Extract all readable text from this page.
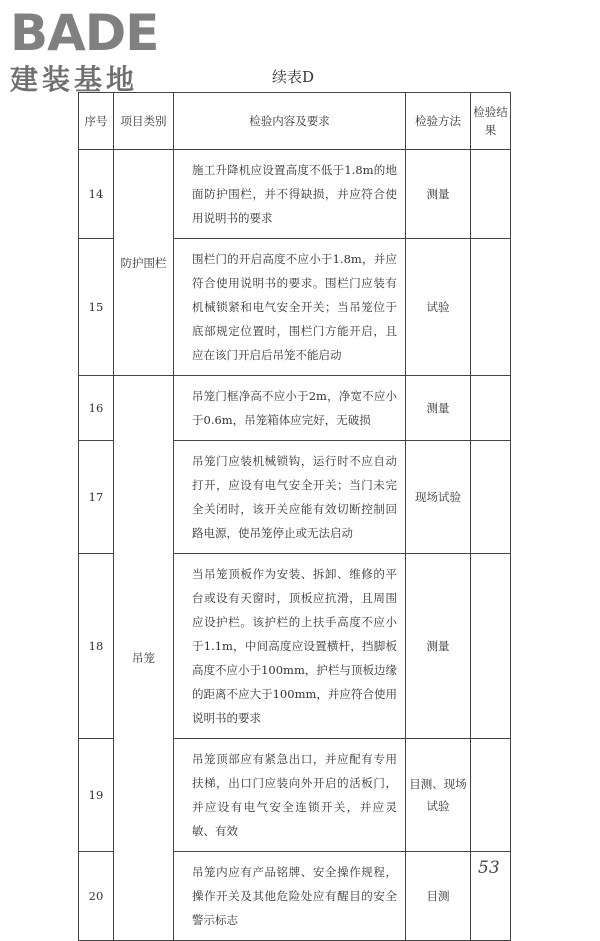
BADE
建装基地	续表D
序号	项目类别	检验内容及要求	检验方法	检验结果
14	防护围栏	施工升降机应设置高度不低于1.8m的地面防护围栏，并不得缺损，并应符合使用说明书的要求	测量	
15		围栏门的开启高度不应小于1.8m，并应符合使用说明书的要求。围栏门应装有机械锁紧和电气安全开关；当吊笼位于底部规定位置时，围栏门方能开启，且应在该门开启后吊笼不能启动	试验	
16	吊笼	吊笼门框净高不应小于2m，净宽不应小于0.6m，吊笼箱体应完好，无破损	测量	
17		吊笼门应装机械锁钩，运行时不应自动打开，应设有电气安全开关；当门未完全关闭时，该开关应能有效切断控制回路电源，使吊笼停止或无法启动	现场试验	
18		当吊笼顶板作为安装、拆卸、维修的平台或设有天窗时，顶板应抗滑，且周围应设护栏。该护栏的上扶手高度不应小于1.1m，中间高度应设置横杆，挡脚板高度不应小于100mm，护栏与顶板边缘的距离不应大于100mm，并应符合使用说明书的要求	测量	
19		吊笼顶部应有紧急出口，并应配有专用扶梯，出口门应装向外开启的活板门，并应设有电气安全连锁开关，并应灵敏、有效	目测、现场试验	
20		吊笼内应有产品铭牌、安全操作规程，操作开关及其他危险处应有醒目的安全警示标志	目测	
53
